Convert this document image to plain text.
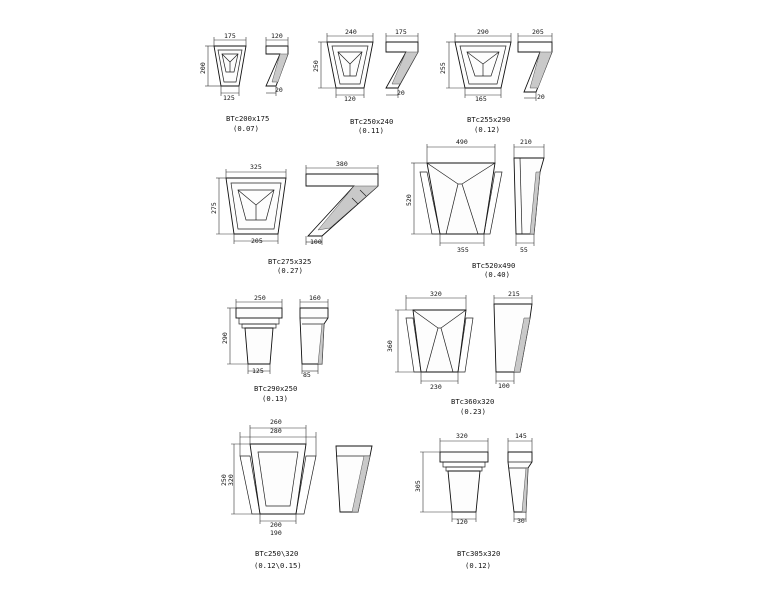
175
200
125
120
20
BTc200x175
(0.07)
240
250
120
175
20
BTc250x240
(0.11)
290
255
165
205
20
BTc255x290
(0.12)
325
275
205
380
100
BTc275x325
(0.27)
490
520
355
210
55
BTc520x490
(0.40)
250
290
125
160
85
BTc290x250
(0.13)
320
360
230
215
100
BTc360x320
(0.23)
260
280
250 320
200
190
BTc250\320
(0.12\0.15)
320
305
120
145
30
BTc305x320
(0.12)
